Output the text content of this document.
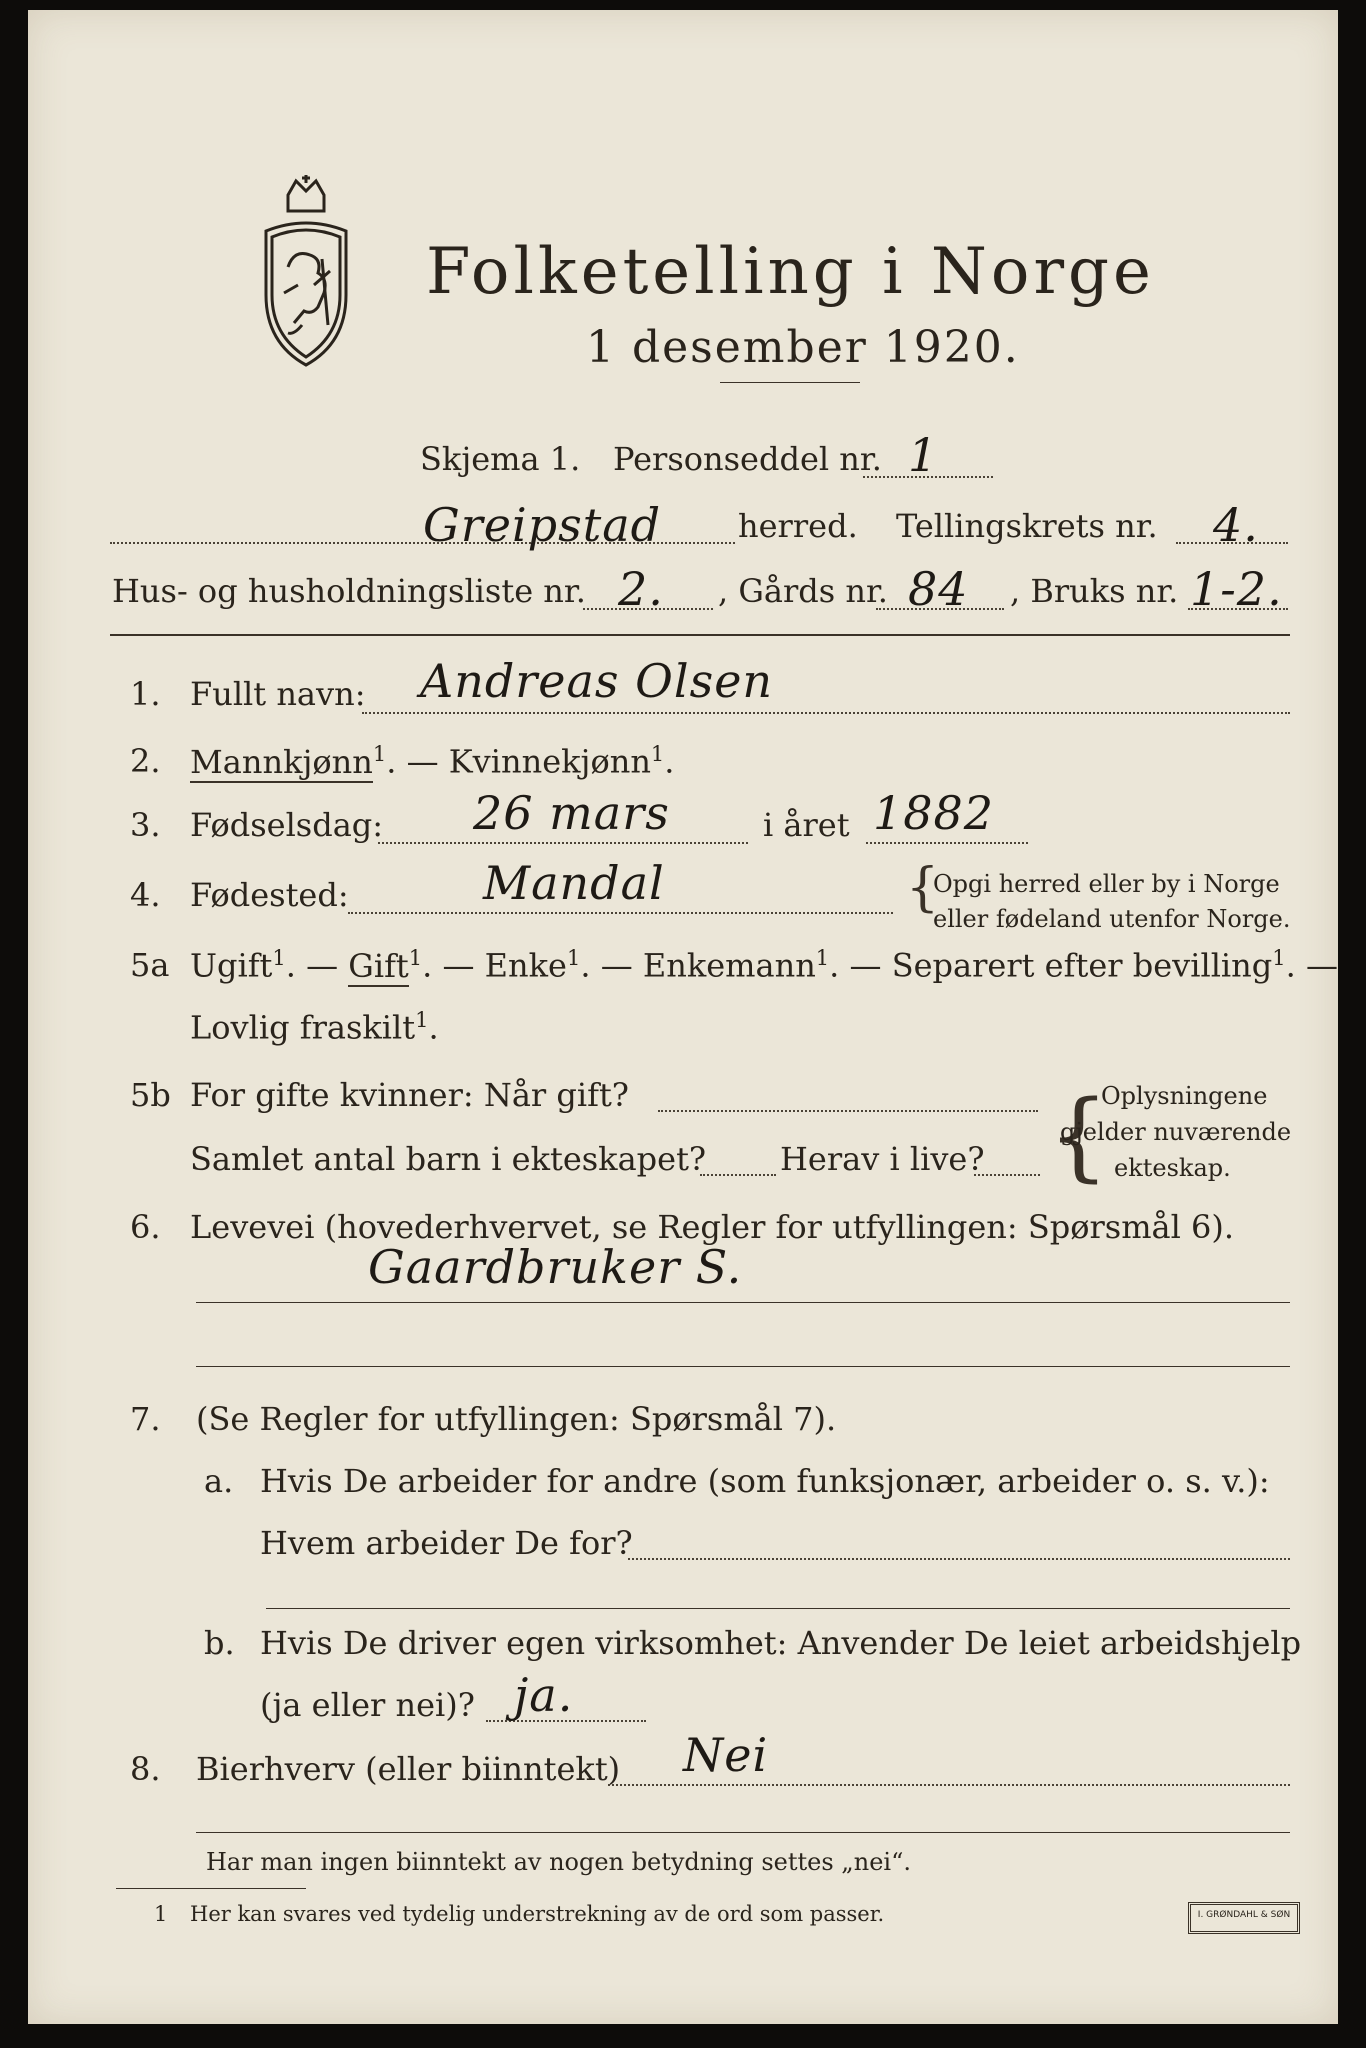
Folketelling i Norge
1 desember 1920.
Skjema 1. Personseddel nr. 1
Greipstad herred. Tellingskrets nr. 4.
Hus- og husholdningsliste nr. 2. , Gårds nr. 84 , Bruks nr. 1-2.
1. Fullt navn: Andreas Olsen
2. Mannkjønn$^1$. — Kvinnekjønn$^1$.
3. Fødselsdag: 26 mars	i året 1882
4. Fødested:	Mandal	{
Opgi herred eller by i Norge
eller fødeland utenfor Norge.
5a Ugift$^1$. — Gift$^1$. — Enke$^1$. — Enkemann$^1$. — Separert efter bevilling$^1$. —
Lovlig fraskilt$^1$.
5b For gifte kvinner: Når gift?
Samlet antal barn i ekteskapet? Herav i live? {
Oplysningene
gjelder nuværende
ekteskap.
6. Levevei (hovederhvervet, se Regler for utfyllingen: Spørsmål 6).
Gaardbruker S.
7. (Se Regler for utfyllingen: Spørsmål 7).
a. Hvis De arbeider for andre (som funksjonær, arbeider o. s. v.):
Hvem arbeider De for?
b. Hvis De driver egen virksomhet: Anvender De leiet arbeidshjelp
(ja eller nei)? ja.
8. Bierhverv (eller biinntekt) Nei
Har man ingen biinntekt av nogen betydning settes „nei“.
1 Her kan svares ved tydelig understrekning av de ord som passer.	I. GRØNDAHL & SØN
